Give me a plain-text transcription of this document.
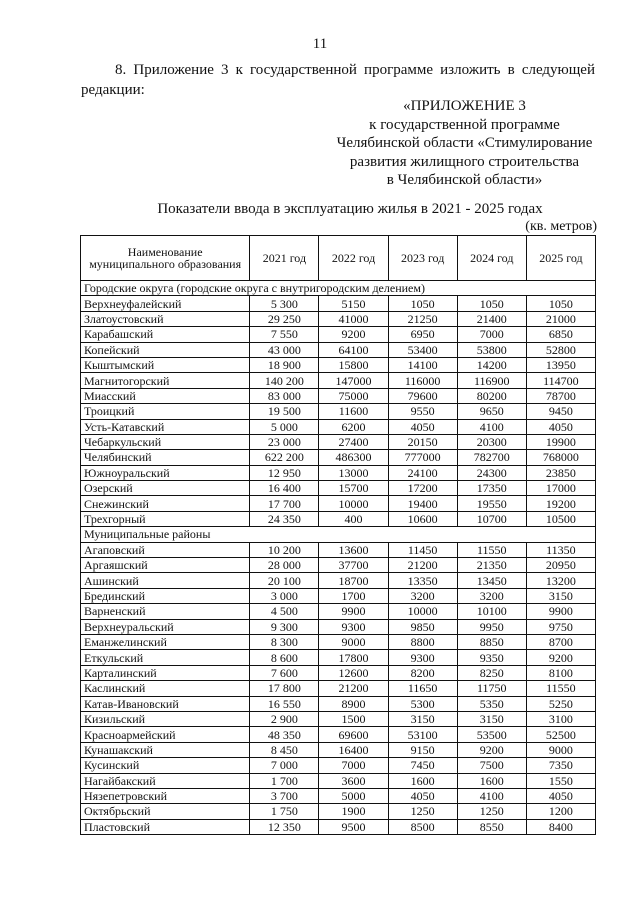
11
8. Приложение 3 к государственной программе изложить в следующей
редакции:
«ПРИЛОЖЕНИЕ 3
к государственной программе
Челябинской области «Стимулирование
развития жилищного строительства
в Челябинской области»
Показатели ввода в эксплуатацию жилья в 2021 - 2025 годах
(кв. метров)
Наименование муниципального образования	2021 год	2022 год	2023 год	2024 год	2025 год
Городские округа (городские округа с внутригородским делением)					
Верхнеуфалейский	5 300	5150	1050	1050	1050
Златоустовский	29 250	41000	21250	21400	21000
Карабашский	7 550	9200	6950	7000	6850
Копейский	43 000	64100	53400	53800	52800
Кыштымский	18 900	15800	14100	14200	13950
Магнитогорский	140 200	147000	116000	116900	114700
Миасский	83 000	75000	79600	80200	78700
Троицкий	19 500	11600	9550	9650	9450
Усть-Катавский	5 000	6200	4050	4100	4050
Чебаркульский	23 000	27400	20150	20300	19900
Челябинский	622 200	486300	777000	782700	768000
Южноуральский	12 950	13000	24100	24300	23850
Озерский	16 400	15700	17200	17350	17000
Снежинский	17 700	10000	19400	19550	19200
Трехгорный	24 350	400	10600	10700	10500
Муниципальные районы					
Агаповский	10 200	13600	11450	11550	11350
Аргаяшский	28 000	37700	21200	21350	20950
Ашинский	20 100	18700	13350	13450	13200
Брединский	3 000	1700	3200	3200	3150
Варненский	4 500	9900	10000	10100	9900
Верхнеуральский	9 300	9300	9850	9950	9750
Еманжелинский	8 300	9000	8800	8850	8700
Еткульский	8 600	17800	9300	9350	9200
Карталинский	7 600	12600	8200	8250	8100
Каслинский	17 800	21200	11650	11750	11550
Катав-Ивановский	16 550	8900	5300	5350	5250
Кизильский	2 900	1500	3150	3150	3100
Красноармейский	48 350	69600	53100	53500	52500
Кунашакский	8 450	16400	9150	9200	9000
Кусинский	7 000	7000	7450	7500	7350
Нагайбакский	1 700	3600	1600	1600	1550
Нязепетровский	3 700	5000	4050	4100	4050
Октябрьский	1 750	1900	1250	1250	1200
Пластовский	12 350	9500	8500	8550	8400
